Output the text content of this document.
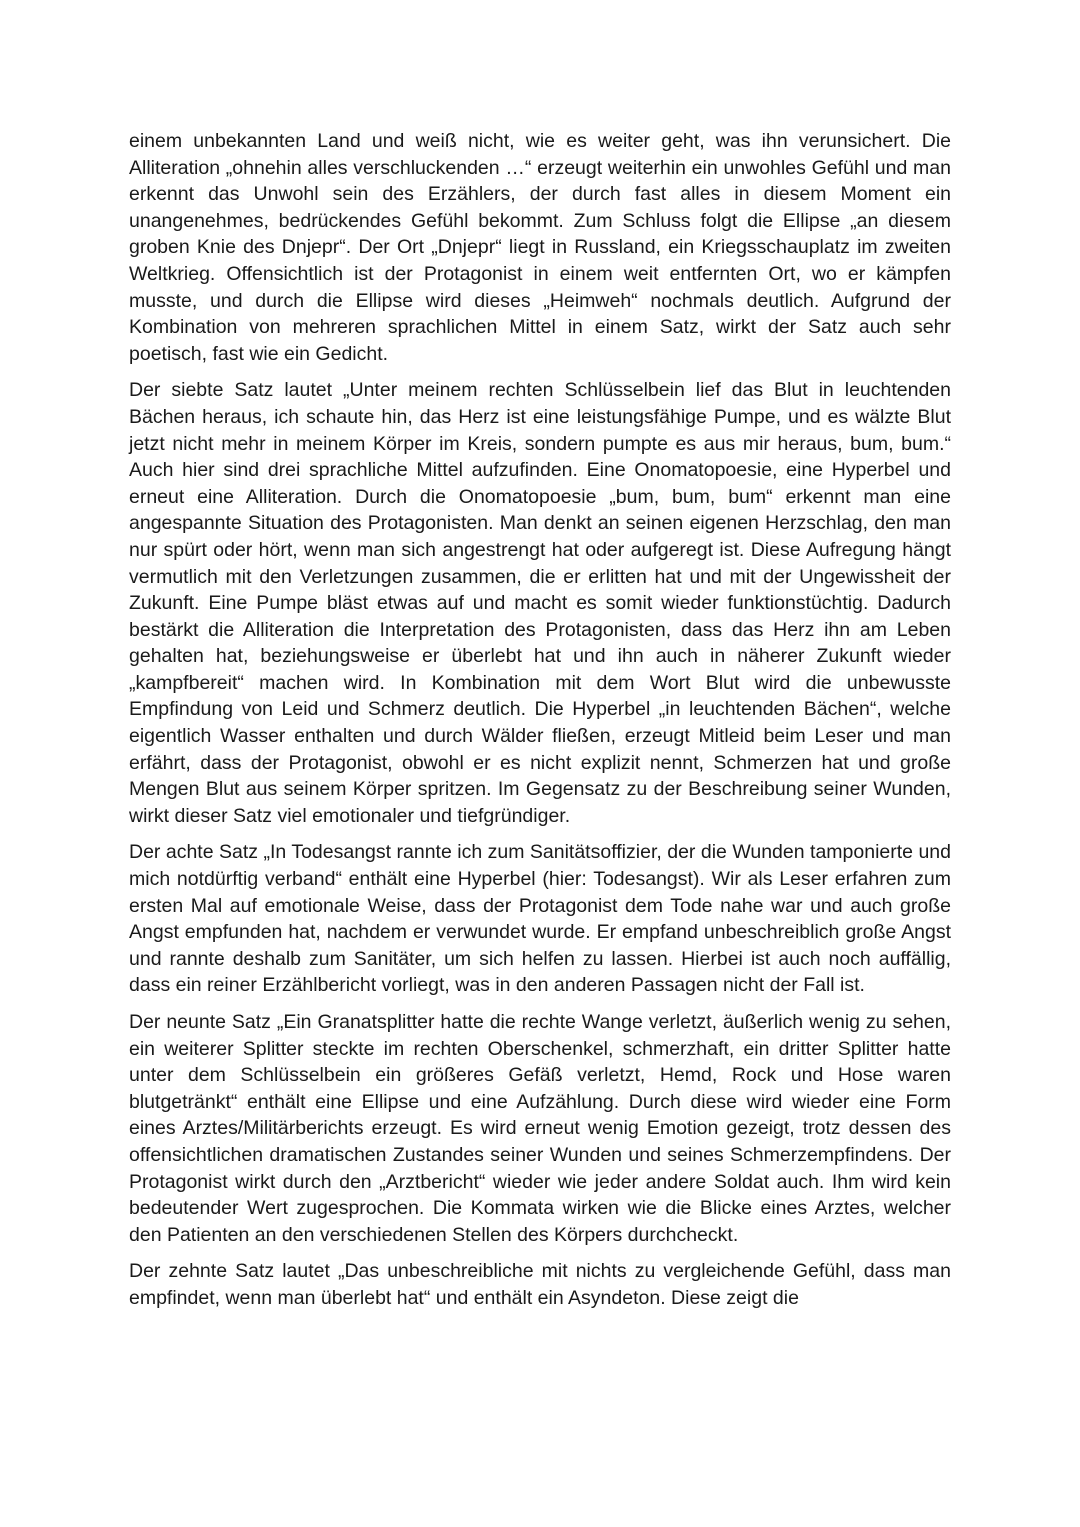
einem unbekannten Land und weiß nicht, wie es weiter geht, was ihn verunsichert. Die Alliteration „ohnehin alles verschluckenden …“ erzeugt weiterhin ein unwohles Gefühl und man erkennt das Unwohl sein des Erzählers, der durch fast alles in diesem Moment ein unangenehmes, bedrückendes Gefühl bekommt. Zum Schluss folgt die Ellipse „an diesem groben Knie des Dnjepr“. Der Ort „Dnjepr“ liegt in Russland, ein Kriegsschauplatz im zweiten Weltkrieg. Offensichtlich ist der Protagonist in einem weit entfernten Ort, wo er kämpfen musste, und durch die Ellipse wird dieses „Heimweh“ nochmals deutlich. Aufgrund der Kombination von mehreren sprachlichen Mittel in einem Satz, wirkt der Satz auch sehr poetisch, fast wie ein Gedicht.

Der siebte Satz lautet „Unter meinem rechten Schlüsselbein lief das Blut in leuchtenden Bächen heraus, ich schaute hin, das Herz ist eine leistungsfähige Pumpe, und es wälzte Blut jetzt nicht mehr in meinem Körper im Kreis, sondern pumpte es aus mir heraus, bum, bum.“ Auch hier sind drei sprachliche Mittel aufzufinden. Eine Onomatopoesie, eine Hyperbel und erneut eine Alliteration. Durch die Onomatopoesie „bum, bum, bum“ erkennt man eine angespannte Situation des Protagonisten. Man denkt an seinen eigenen Herzschlag, den man nur spürt oder hört, wenn man sich angestrengt hat oder aufgeregt ist. Diese Aufregung hängt vermutlich mit den Verletzungen zusammen, die er erlitten hat und mit der Ungewissheit der Zukunft. Eine Pumpe bläst etwas auf und macht es somit wieder funktionstüchtig. Dadurch bestärkt die Alliteration die Interpretation des Protagonisten, dass das Herz ihn am Leben gehalten hat, beziehungsweise er überlebt hat und ihn auch in näherer Zukunft wieder „kampfbereit“ machen wird. In Kombination mit dem Wort Blut wird die unbewusste Empfindung von Leid und Schmerz deutlich. Die Hyperbel „in leuchtenden Bächen“, welche eigentlich Wasser enthalten und durch Wälder fließen, erzeugt Mitleid beim Leser und man erfährt, dass der Protagonist, obwohl er es nicht explizit nennt, Schmerzen hat und große Mengen Blut aus seinem Körper spritzen. Im Gegensatz zu der Beschreibung seiner Wunden, wirkt dieser Satz viel emotionaler und tiefgründiger.

Der achte Satz „In Todesangst rannte ich zum Sanitätsoffizier, der die Wunden tamponierte und mich notdürftig verband“ enthält eine Hyperbel (hier: Todesangst). Wir als Leser erfahren zum ersten Mal auf emotionale Weise, dass der Protagonist dem Tode nahe war und auch große Angst empfunden hat, nachdem er verwundet wurde. Er empfand unbeschreiblich große Angst und rannte deshalb zum Sanitäter, um sich helfen zu lassen. Hierbei ist auch noch auffällig, dass ein reiner Erzählbericht vorliegt, was in den anderen Passagen nicht der Fall ist.

Der neunte Satz „Ein Granatsplitter hatte die rechte Wange verletzt, äußerlich wenig zu sehen, ein weiterer Splitter steckte im rechten Oberschenkel, schmerzhaft, ein dritter Splitter hatte unter dem Schlüsselbein ein größeres Gefäß verletzt, Hemd, Rock und Hose waren blutgetränkt“ enthält eine Ellipse und eine Aufzählung. Durch diese wird wieder eine Form eines Arztes/Militärberichts erzeugt. Es wird erneut wenig Emotion gezeigt, trotz dessen des offensichtlichen dramatischen Zustandes seiner Wunden und seines Schmerzempfindens. Der Protagonist wirkt durch den „Arztbericht“ wieder wie jeder andere Soldat auch. Ihm wird kein bedeutender Wert zugesprochen. Die Kommata wirken wie die Blicke eines Arztes, welcher den Patienten an den verschiedenen Stellen des Körpers durchcheckt.

Der zehnte Satz lautet „Das unbeschreibliche mit nichts zu vergleichende Gefühl, dass man empfindet, wenn man überlebt hat“ und enthält ein Asyndeton. Diese zeigt die
